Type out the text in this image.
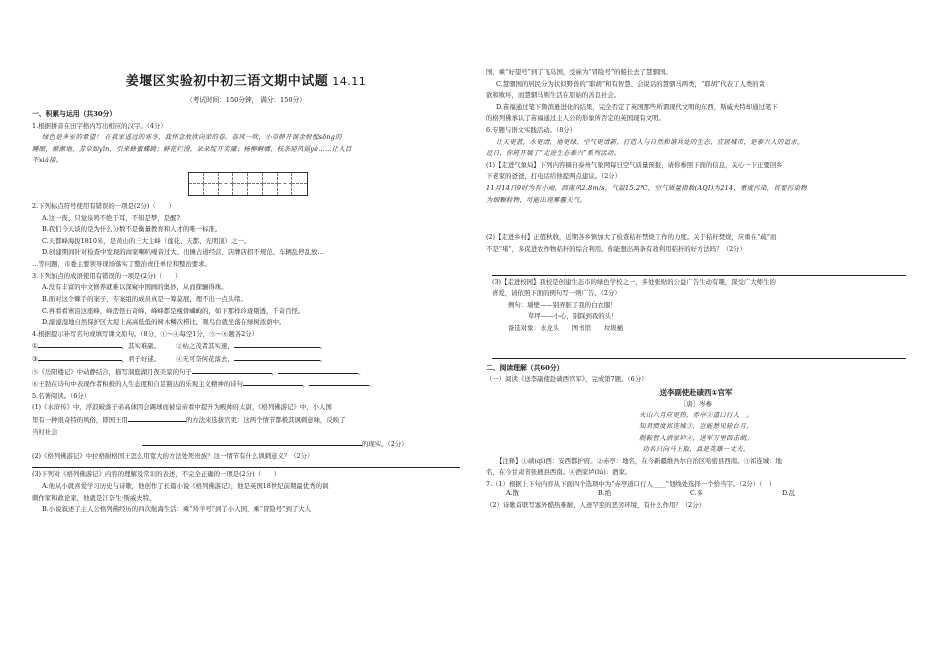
姜堰区实验初中初三语文期中试题 14.11
（考试时间：150分钟， 满分：150分）
一、积累与运用（共30分）

1.根据拼音在田字格内写出相应的汉字。（4分）

绿色是多室的希望！ 在我家遥远的寒冬，我怀念故欣向荣的春。春风一吹，小草睁开误金般惺sōng的

睡眼，渐渐地，芳草如yīn，引来蜂蜜蝶跳；鲜花烂漫，朵朵绽开笑靥；杨柳婀娜，枝条迎风摇yè……让人目

不xiá接。

2.下列标点符号使用有错误的一项是(2分)（　　）

A.这一夜，只觉泉鸣不绝于耳，不知是梦，是醒?

B.我们今天谈的是为什么分数不是衡量教育和人才的唯一标准。

C.天都峰海拔1810米，是黄山的三大主峰（莲花、天都、光明顶）之一。

D.创建期间针对检查中发现的商家喇叭噪音过大、出摊占道经营、店牌店招不规范、车辆乱停乱放…

…等问题，市委主要领导现场落实了整治责任单位和整治要求。

3.下列加点的成语使用有错误的一项是(2分)（　　）

A.没有丰富的中文修养就难以深窥中国画的奥妙，从而探骊得珠。

B.面对这个棘手的案子，专案组的成员真是一筹莫展，理不出一点头绪。

C.再看看寨沿这座峰，峰峦怪石奇峰，峰峰都是瘦骨嶙峋的，如下那样玲珑剔透，千奇百怪。

D.濠濠湿地自然保护区大堤上高高低低的树木鳞次栉比，观鸟台就坐落在绿树浓荫中。

4.根据提示补写名句或填写课文原句。（8分，①～④每空1分，⑤～⑥题各2分）

①	，其实难副。	②枯之茂者其实速，	。

③	，君子好逑。	④无可奈何花落去，	。

⑤《岳阳楼记》中动静结合，描写洞庭湖月夜美景的句子	，	。

⑥王勃在诗句中表现作者积极的人生态度和自足豁达的乐观主义精神的诗句	，	。

5.名著阅读。（6分）

(1)《水浒传》中，浮浪破落子弟高俅因会踢球而被皇帝看中提升为殿帅府太尉，《格列佛游记》中，小人国

里有一种很奇特的风俗，即国王用	的方法来选拔官吏：这两个情节都极其讽刺意味，反映了

当时社会

的现实。（2分）

(2)《格列佛游记》中拉格耐格国王怎么用宽大的方法处死贵族？这一情节有什么讽刺意义？（2分）

(3)下列对《格列佛游记》内容的理解及常识的表述，不完全正确的一项是(2分)（　　）

A.他从小就喜爱学习历史与诗歌，他创作了长篇小说《格列佛游记》，他是英国18世纪前期最优秀的讽

刺作家和政论家，他就是江奈生·斯威夫特。

B.小说叙述了主人公格列佛经历的四次航海生活：乘“羚羊号”到了小人国，乘“冒险号”到了大人

国，乘“好望号”到了飞岛国，受雇为“冒险号”的船长去了慧骃国。

C.慧骃国的居民分为状似野兽的“耶胡”和有智慧、会说话的慧骃马两类，“耶胡”代表了人类的贪

欲和败坏，而慧骃马则生活在原始的善良社会。

D.苗福通过笔下鲁滨逊进化的结果，完全否定了英国那些所谓现代文明的东西，斯威夫特却通过笔下

的格列佛承认了苗福通过主人公的形象所否定的英国现有文明。

6.专题与语文实践活动。（8分）

让天更蓝，水更清，地更绿，空气更清新，打造人与自然和谐共处的生态、宜居城市，是泰兴人的追求。

近日，你班开展了“走进生态泰兴”系列活动。

(1)【走进气象局】下列内容摘自泰州气象网每日空气质量预报，请你参照下面的信息，关心一下正要回乡

下老家的爸爸，打电话给他提两点建议。（2分）

11月14日9时为有小雨，西南风2.8m/s，气温15.2℃，空气质量指数(AQI)为214，重度污染，首要污染物

为细颗粒物，可能出现雾霾天气。

(2)【走进乡村】正值秋收，近期各乡镇加大了检查秸秆禁烧工作的力度。关于秸秆焚烧，应重在“疏”而

不是“堵”，多促进农作物秸秆的综合利用。你能想出两条有效利用秸秆的好方法吗？（2分）

(3)【走进校园】我校是创建生态市的绿色学校之一，多处张贴的公益广告生动有趣，深受广大师生的

喜爱，请依照下面的例句写一则广告。（2分）

例句：墙壁——别弄脏了我的白衣服！

草坪——小心，别踩到我的头！

备选对象：水龙头　　图书馆　　垃圾桶

二、阅读理解（共60分）

（一）阅读《送李副使赴碛西官军》，完成第7题。（6分）

送李副使赴碛西①官军

［唐］岑参

火山六月应更热，赤亭②道口行人　。

知君惯度祁连城③，岂能愁见轮台月。

脱鞍暂入酒家垆④，送军万里西击胡。

功名只向马上取，真是英雄一丈夫。

【注释】①碛(qì)西：安西都护府。②赤亭：地名，在今新疆维吾尔自治区哈密县西南。③祁连城：地

名，在今甘肃省张掖县西南。④酒家垆(lú)：酒家。

7.（1）根据上下句内容从下面四个选项中为“赤亭道口行人____”划线处选择一个恰当字。（2分）（　）

A.散	B.绝	C.多	D.乱

（2）诗歌首联写塞外酷热难耐、人迹罕至的恶劣环境，有什么作用？（2分）
